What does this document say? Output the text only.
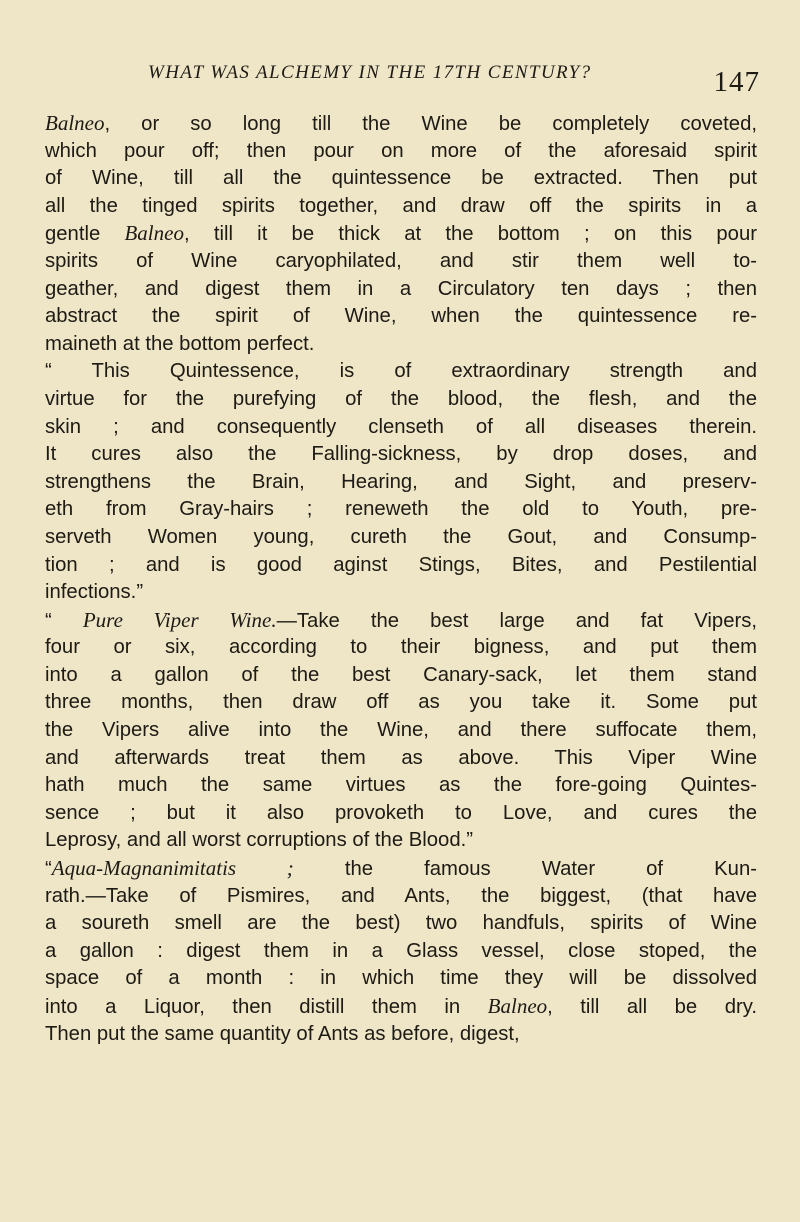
WHAT WAS ALCHEMY IN THE 17TH CENTURY?	147
Balneo, or so long till the Wine be completely coveted,
which pour off; then pour on more of the aforesaid spirit
of Wine, till all the quintessence be extracted. Then put
all the tinged spirits together, and draw off the spirits in a
gentle Balneo, till it be thick at the bottom ; on this pour
spirits of Wine caryophilated, and stir them well to-
geather, and digest them in a Circulatory ten days ; then
abstract the spirit of Wine, when the quintessence re-
maineth at the bottom perfect.
“ This Quintessence, is of extraordinary strength and
virtue for the purefying of the blood, the flesh, and the
skin ; and consequently clenseth of all diseases therein.
It cures also the Falling-sickness, by drop doses, and
strengthens the Brain, Hearing, and Sight, and preserv-
eth from Gray-hairs ; reneweth the old to Youth, pre-
serveth Women young, cureth the Gout, and Consump-
tion ; and is good aginst Stings, Bites, and Pestilential
infections.”
“ Pure Viper Wine.—Take the best large and fat Vipers,
four or six, according to their bigness, and put them
into a gallon of the best Canary-sack, let them stand
three months, then draw off as you take it. Some put
the Vipers alive into the Wine, and there suffocate them,
and afterwards treat them as above. This Viper Wine
hath much the same virtues as the fore-going Quintes-
sence ; but it also provoketh to Love, and cures the
Leprosy, and all worst corruptions of the Blood.”
“Aqua-Magnanimitatis ; the famous Water of Kun-
rath.—Take of Pismires, and Ants, the biggest, (that have
a soureth smell are the best) two handfuls, spirits of Wine
a gallon : digest them in a Glass vessel, close stoped, the
space of a month : in which time they will be dissolved
into a Liquor, then distill them in Balneo, till all be dry.
Then put the same quantity of Ants as before, digest,
